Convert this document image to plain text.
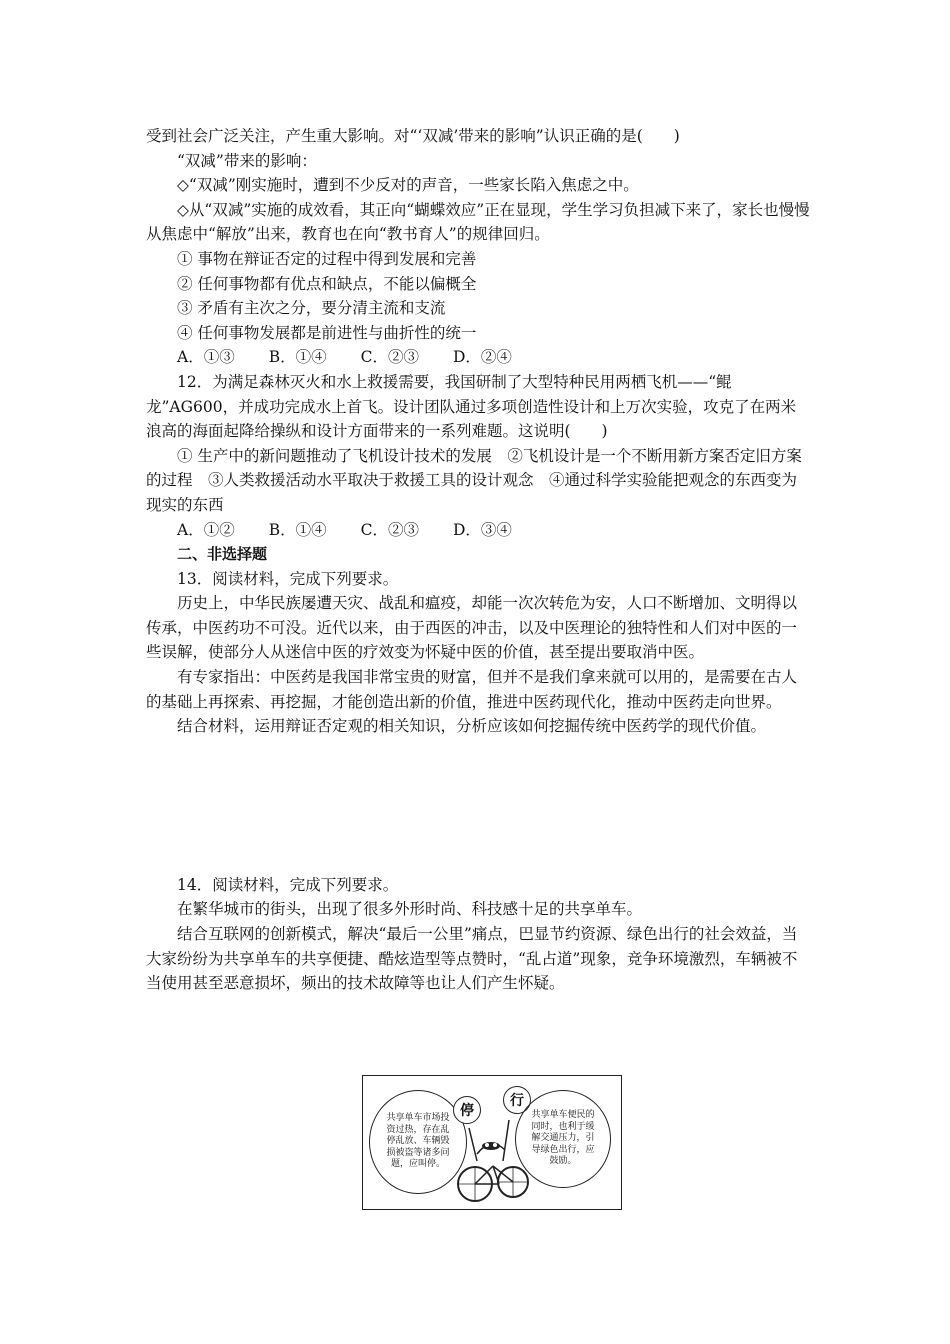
受到社会广泛关注，产生重大影响。对“‘双减’带来的影响”认识正确的是(　　)

“双减”带来的影响：

◇“双减”刚实施时，遭到不少反对的声音，一些家长陷入焦虑之中。

◇从“双减”实施的成效看，其正向“蝴蝶效应”正在显现，学生学习负担减下来了，家长也慢慢从焦虑中“解放”出来，教育也在向“教书育人”的规律回归。

① 事物在辩证否定的过程中得到发展和完善

② 任何事物都有优点和缺点，不能以偏概全

③ 矛盾有主次之分，要分清主流和支流

④ 任何事物发展都是前进性与曲折性的统一

A．①③ B．①④ C．②③ D．②④

12．为满足森林灭火和水上救援需要，我国研制了大型特种民用两栖飞机——“鲲龙”AG600，并成功完成水上首飞。设计团队通过多项创造性设计和上万次实验，攻克了在两米浪高的海面起降给操纵和设计方面带来的一系列难题。这说明(　　)

① 生产中的新问题推动了飞机设计技术的发展　②飞机设计是一个不断用新方案否定旧方案的过程　③人类救援活动水平取决于救援工具的设计观念　④通过科学实验能把观念的东西变为现实的东西

A．①② B．①④ C．②③ D．③④

二、非选择题

13．阅读材料，完成下列要求。

历史上，中华民族屡遭天灾、战乱和瘟疫，却能一次次转危为安，人口不断增加、文明得以传承，中医药功不可没。近代以来，由于西医的冲击，以及中医理论的独特性和人们对中医的一些误解，使部分人从迷信中医的疗效变为怀疑中医的价值，甚至提出要取消中医。

有专家指出：中医药是我国非常宝贵的财富，但并不是我们拿来就可以用的，是需要在古人的基础上再探索、再挖掘，才能创造出新的价值，推进中医药现代化，推动中医药走向世界。

结合材料，运用辩证否定观的相关知识，分析应该如何挖掘传统中医药学的现代价值。

14．阅读材料，完成下列要求。

在繁华城市的街头，出现了很多外形时尚、科技感十足的共享单车。

结合互联网的创新模式，解决“最后一公里”痛点，巴显节约资源、绿色出行的社会效益，当大家纷纷为共享单车的共享便捷、酷炫造型等点赞时，“乱占道”现象，竞争环境激烈，车辆被不当使用甚至恶意损坏，频出的技术故障等也让人们产生怀疑。

共享单车市场投资过热，存在乱停乱放、车辆毁损被盗等诸多问题，应叫停。
停
行
共享单车便民的同时，也利于缓解交通压力，引导绿色出行，应鼓励。
